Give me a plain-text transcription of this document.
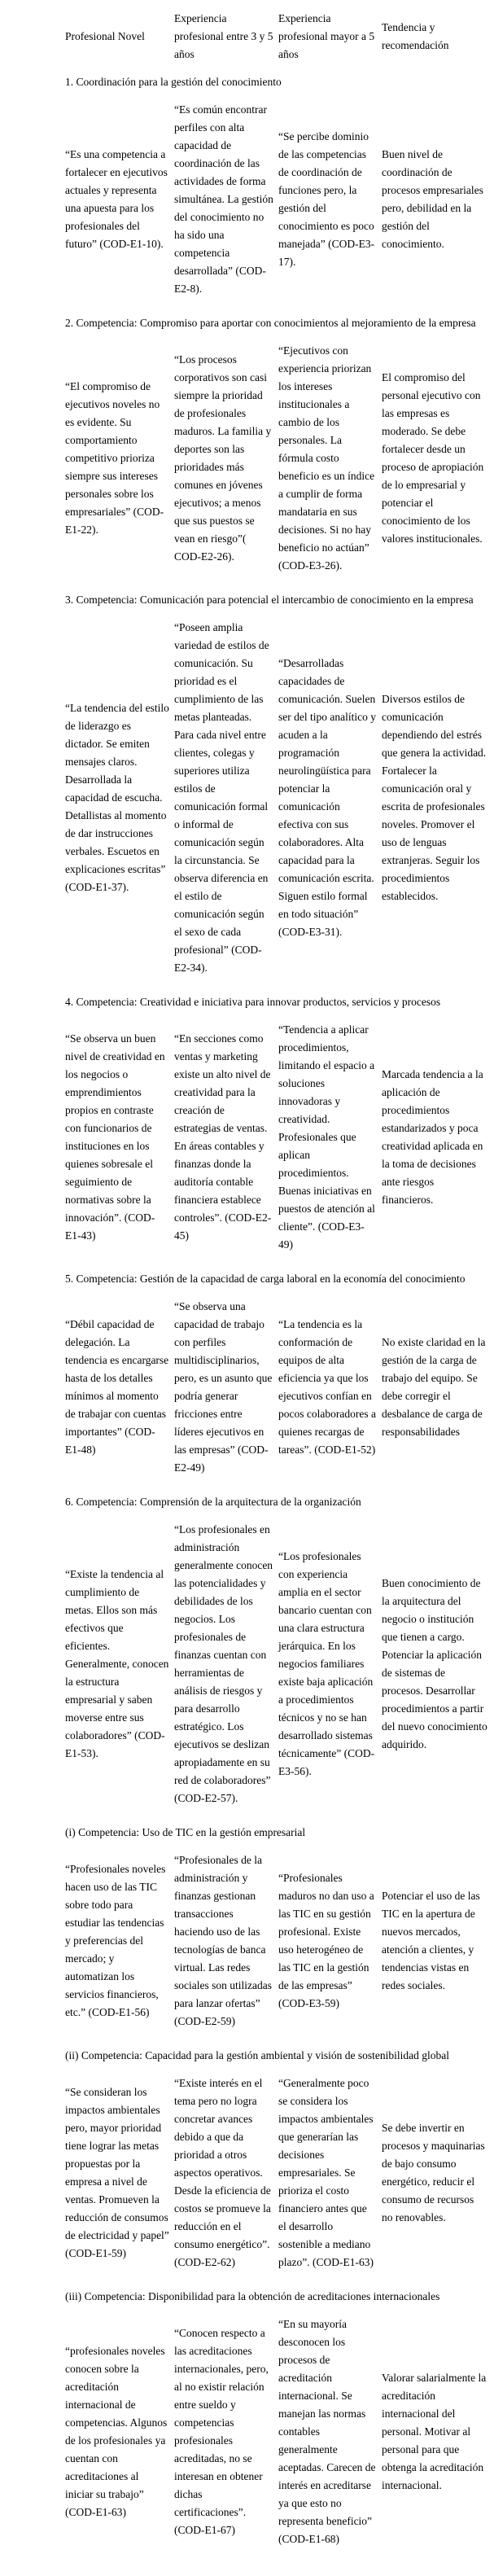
Profesional Novel	Experiencia profesional entre 3 y 5 años	Experiencia profesional mayor a 5 años	Tendencia y recomendación
1. Coordinación para la gestión del conocimiento			
“Es una competencia a fortalecer en ejecutivos actuales y representa una apuesta para los profesionales del futuro” (COD-E1-10).	“Es común encontrar perfiles con alta capacidad de coordinación de las actividades de forma simultánea. La gestión del conocimiento no ha sido una competencia desarrollada” (COD-E2-8).	“Se percibe dominio de las competencias de coordinación de funciones pero, la gestión del conocimiento es poco manejada” (COD-E3-17).	Buen nivel de coordinación de procesos empresariales pero, debilidad en la gestión del conocimiento.
2. Competencia: Compromiso para aportar con conocimientos al mejoramiento de la empresa			
“El compromiso de ejecutivos noveles no es evidente. Su comportamiento competitivo prioriza siempre sus intereses personales sobre los empresariales” (COD-E1-22).	“Los procesos corporativos son casi siempre la prioridad de profesionales maduros. La familia y deportes son las prioridades más comunes en jóvenes ejecutivos; a menos que sus puestos se vean en riesgo”( COD-E2-26).	“Ejecutivos con experiencia priorizan los intereses institucionales a cambio de los personales. La fórmula costo beneficio es un índice a cumplir de forma mandataria en sus decisiones. Si no hay beneficio no actúan” (COD-E3-26).	El compromiso del personal ejecutivo con las empresas es moderado. Se debe fortalecer desde un proceso de apropiación de lo empresarial y potenciar el conocimiento de los valores institucionales.
3. Competencia: Comunicación para potencial el intercambio de conocimiento en la empresa			
“La tendencia del estilo de liderazgo es dictador. Se emiten mensajes claros. Desarrollada la capacidad de escucha. Detallistas al momento de dar instrucciones verbales. Escuetos en explicaciones escritas” (COD-E1-37).	“Poseen amplia variedad de estilos de comunicación. Su prioridad es el cumplimiento de las metas planteadas. Para cada nivel entre clientes, colegas y superiores utiliza estilos de comunicación formal o informal de comunicación según la circunstancia. Se observa diferencia en el estilo de comunicación según el sexo de cada profesional” (COD-E2-34).	“Desarrolladas capacidades de comunicación. Suelen ser del tipo analítico y acuden a la programación neurolingüística para potenciar la comunicación efectiva con sus colaboradores. Alta capacidad para la comunicación escrita. Siguen estilo formal en todo situación” (COD-E3-31).	Diversos estilos de comunicación dependiendo del estrés que genera la actividad. Fortalecer la comunicación oral y escrita de profesionales noveles. Promover el uso de lenguas extranjeras. Seguir los procedimientos establecidos.
4. Competencia: Creatividad e iniciativa para innovar productos, servicios y procesos			
“Se observa un buen nivel de creatividad en los negocios o emprendimientos propios en contraste con funcionarios de instituciones en los quienes sobresale el seguimiento de normativas sobre la innovación”. (COD-E1-43)	“En secciones como ventas y marketing existe un alto nivel de creatividad para la creación de estrategias de ventas. En áreas contables y finanzas donde la auditoría contable financiera establece controles”. (COD-E2-45)	“Tendencia a aplicar procedimientos, limitando el espacio a soluciones innovadoras y creatividad. Profesionales que aplican procedimientos. Buenas iniciativas en puestos de atención al cliente”. (COD-E3-49)	Marcada tendencia a la aplicación de procedimientos estandarizados y poca creatividad aplicada en la toma de decisiones ante riesgos financieros.
5. Competencia: Gestión de la capacidad de carga laboral en la economía del conocimiento			
“Débil capacidad de delegación. La tendencia es encargarse hasta de los detalles mínimos al momento de trabajar con cuentas importantes” (COD-E1-48)	“Se observa una capacidad de trabajo con perfiles multidisciplinarios, pero, es un asunto que podría generar fricciones entre líderes ejecutivos en las empresas” (COD-E2-49)	“La tendencia es la conformación de equipos de alta eficiencia ya que los ejecutivos confían en pocos colaboradores a quienes recargas de tareas”. (COD-E1-52)	No existe claridad en la gestión de la carga de trabajo del equipo. Se debe corregir el desbalance de carga de responsabilidades
6. Competencia: Comprensión de la arquitectura de la organización			
“Existe la tendencia al cumplimiento de metas. Ellos son más efectivos que eficientes. Generalmente, conocen la estructura empresarial y saben moverse entre sus colaboradores” (COD-E1-53).	“Los profesionales en administración generalmente conocen las potencialidades y debilidades de los negocios. Los profesionales de finanzas cuentan con herramientas de análisis de riesgos y para desarrollo estratégico. Los ejecutivos se deslizan apropiadamente en su red de colaboradores” (COD-E2-57).	“Los profesionales con experiencia amplia en el sector bancario cuentan con una clara estructura jerárquica. En los negocios familiares existe baja aplicación a procedimientos técnicos y no se han desarrollado sistemas técnicamente” (COD-E3-56).	Buen conocimiento de la arquitectura del negocio o institución que tienen a cargo. Potenciar la aplicación de sistemas de procesos. Desarrollar procedimientos a partir del nuevo conocimiento adquirido.
(i) Competencia: Uso de TIC en la gestión empresarial			
“Profesionales noveles hacen uso de las TIC sobre todo para estudiar las tendencias y preferencias del mercado; y automatizan los servicios financieros, etc.” (COD-E1-56)	“Profesionales de la administración y finanzas gestionan transacciones haciendo uso de las tecnologías de banca virtual. Las redes sociales son utilizadas para lanzar ofertas” (COD-E2-59)	“Profesionales maduros no dan uso a las TIC en su gestión profesional. Existe uso heterogéneo de las TIC en la gestión de las empresas” (COD-E3-59)	Potenciar el uso de las TIC en la apertura de nuevos mercados, atención a clientes, y tendencias vistas en redes sociales.
(ii) Competencia: Capacidad para la gestión ambiental y visión de sostenibilidad global			
“Se consideran los impactos ambientales pero, mayor prioridad tiene lograr las metas propuestas por la empresa a nivel de ventas. Promueven la reducción de consumos de electricidad y papel” (COD-E1-59)	“Existe interés en el tema pero no logra concretar avances debido a que da prioridad a otros aspectos operativos. Desde la eficiencia de costos se promueve la reducción en el consumo energético”. (COD-E2-62)	“Generalmente poco se considera los impactos ambientales que generarían las decisiones empresariales. Se prioriza el costo financiero antes que el desarrollo sostenible a mediano plazo”. (COD-E1-63)	Se debe invertir en procesos y maquinarias de bajo consumo energético, reducir el consumo de recursos no renovables.
(iii) Competencia: Disponibilidad para la obtención de acreditaciones internacionales			
“profesionales noveles conocen sobre la acreditación internacional de competencias. Algunos de los profesionales ya cuentan con acreditaciones al iniciar su trabajo” (COD-E1-63)	“Conocen respecto a las acreditaciones internacionales, pero, al no existir relación entre sueldo y competencias profesionales acreditadas, no se interesan en obtener dichas certificaciones”. (COD-E1-67)	“En su mayoría desconocen los procesos de acreditación internacional. Se manejan las normas contables generalmente aceptadas. Carecen de interés en acreditarse ya que esto no representa beneficio” (COD-E1-68)	Valorar salarialmente la acreditación internacional del personal. Motivar al personal para que obtenga la acreditación internacional.
